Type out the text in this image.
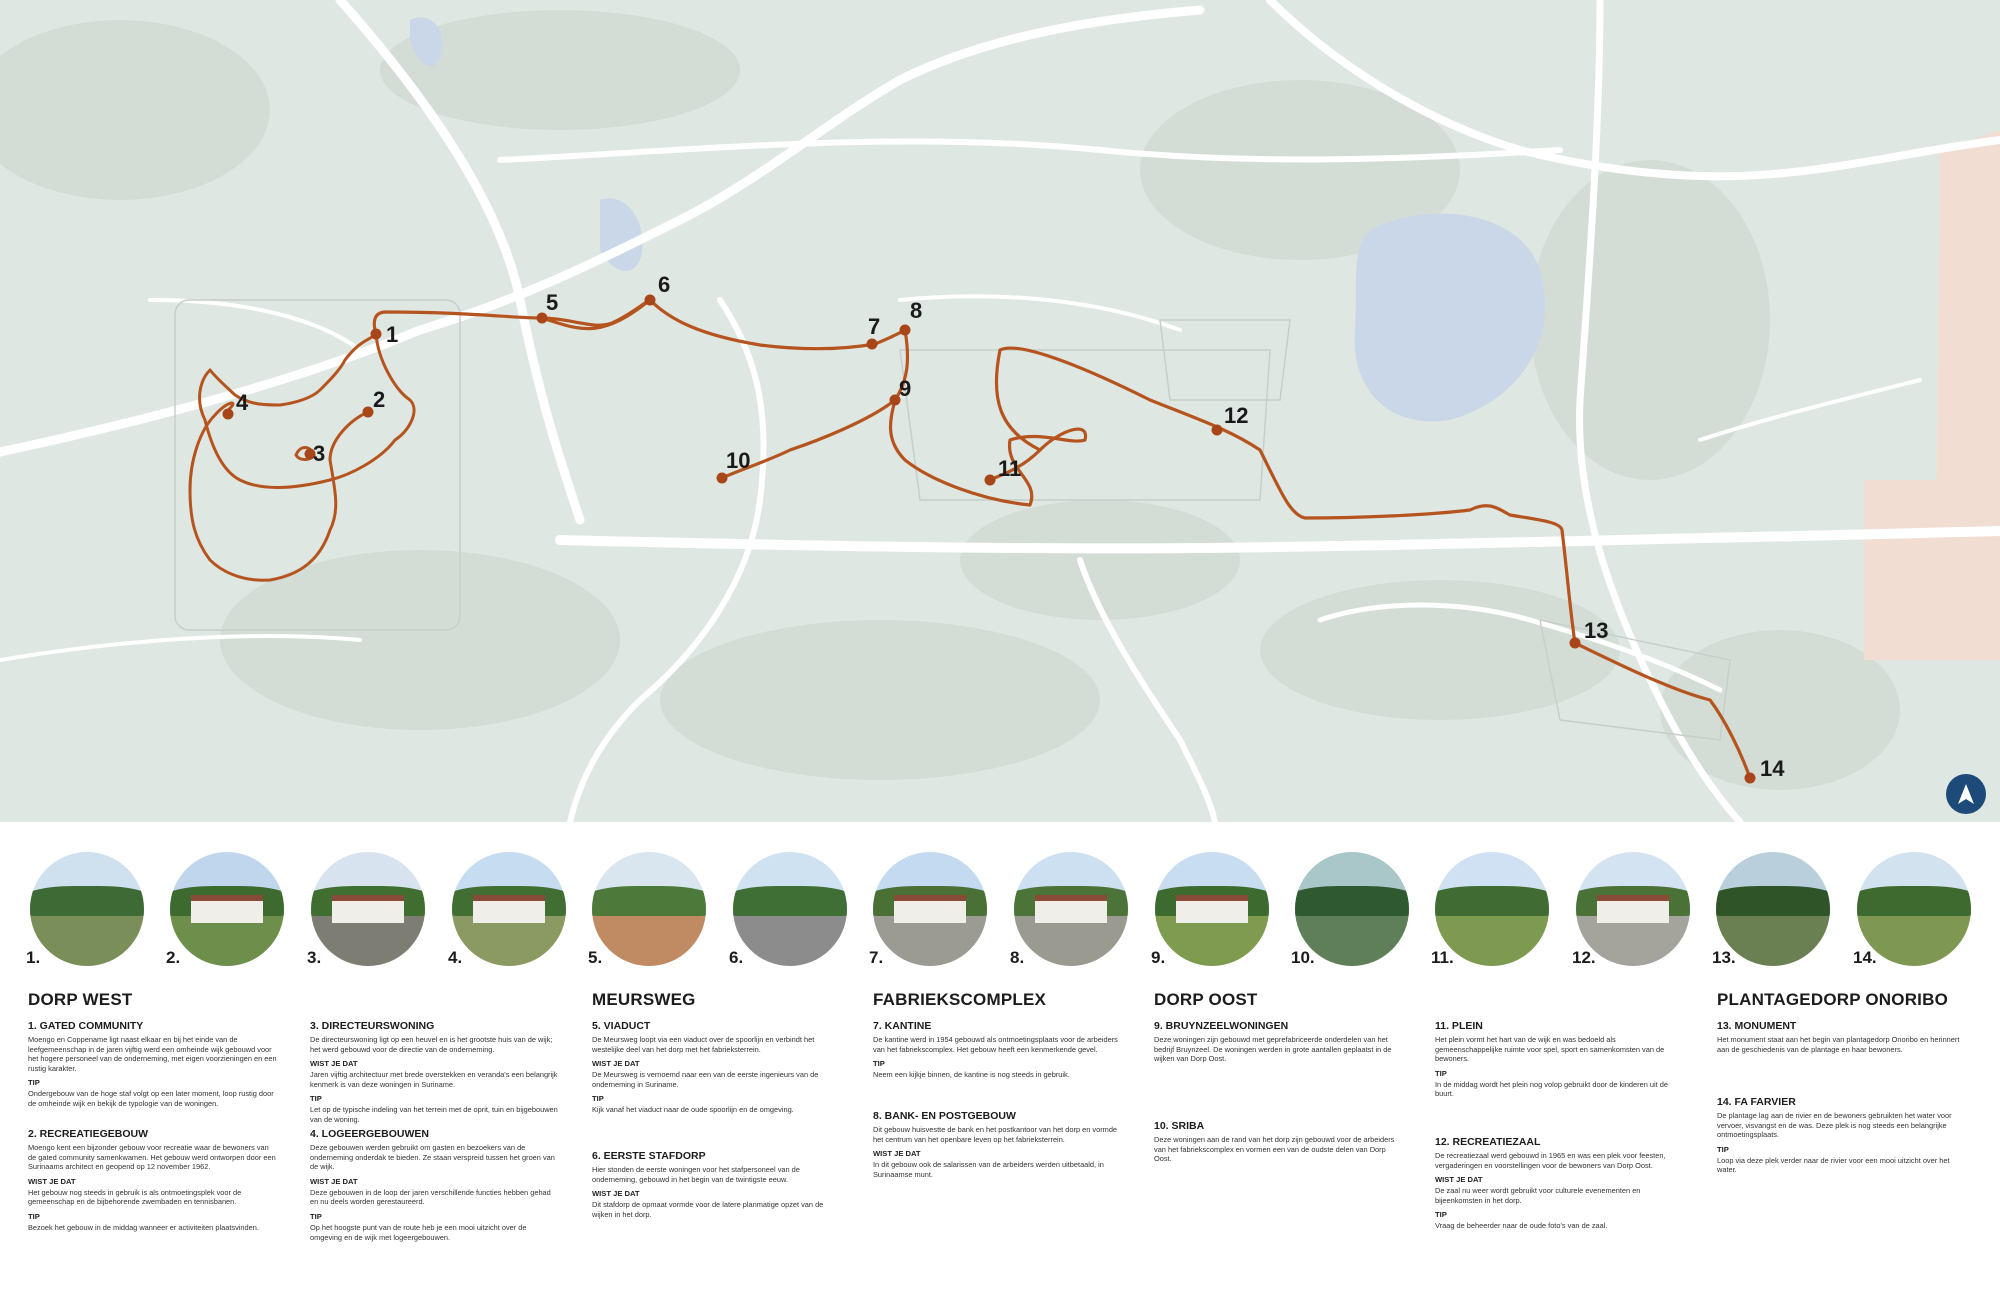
1
2
3
4
5
6
7
8
9
10	11
12
13
14
1.	2.	3.	4.	5.	6.	7.	8.	9.	10.	11.	12.	13.	14.
DORP WEST	MEURSWEG	FABRIEKSCOMPLEX	DORP OOST	PLANTAGEDORP ONORIBO
1. GATED COMMUNITY

Moengo en Coppename ligt naast elkaar en bij het einde van de leefgemeenschap in de jaren vijftig werd een omheinde wijk gebouwd voor het hogere personeel van de onderneming, met eigen voorzieningen en een rustig karakter.

TIP

Ondergebouw van de hoge staf volgt op een later moment, loop rustig door de omheinde wijk en bekijk de typologie van de woningen.

2. RECREATIEGEBOUW

Moengo kent een bijzonder gebouw voor recreatie waar de bewoners van de gated community samenkwamen. Het gebouw werd ontworpen door een Surinaams architect en geopend op 12 november 1962.

WIST JE DAT

Het gebouw nog steeds in gebruik is als ontmoetingsplek voor de gemeenschap en de bijbehorende zwembaden en tennisbanen.

TIP

Bezoek het gebouw in de middag wanneer er activiteiten plaatsvinden.

3. DIRECTEURSWONING

De directeurswoning ligt op een heuvel en is het grootste huis van de wijk; het werd gebouwd voor de directie van de onderneming.

WIST JE DAT

Jaren vijftig architectuur met brede overstekken en veranda's een belangrijk kenmerk is van deze woningen in Suriname.

TIP

Let op de typische indeling van het terrein met de oprit, tuin en bijgebouwen van de woning.

4. LOGEERGEBOUWEN

Deze gebouwen werden gebruikt om gasten en bezoekers van de onderneming onderdak te bieden. Ze staan verspreid tussen het groen van de wijk.

WIST JE DAT

Deze gebouwen in de loop der jaren verschillende functies hebben gehad en nu deels worden gerestaureerd.

TIP

Op het hoogste punt van de route heb je een mooi uitzicht over de omgeving en de wijk met logeergebouwen.

5. VIADUCT

De Meursweg loopt via een viaduct over de spoorlijn en verbindt het westelijke deel van het dorp met het fabrieksterrein.

WIST JE DAT

De Meursweg is vernoemd naar een van de eerste ingenieurs van de onderneming in Suriname.

TIP

Kijk vanaf het viaduct naar de oude spoorlijn en de omgeving.

6. EERSTE STAFDORP

Hier stonden de eerste woningen voor het stafpersoneel van de onderneming, gebouwd in het begin van de twintigste eeuw.

WIST JE DAT

Dit stafdorp de opmaat vormde voor de latere planmatige opzet van de wijken in het dorp.

7. KANTINE

De kantine werd in 1954 gebouwd als ontmoetingsplaats voor de arbeiders van het fabriekscomplex. Het gebouw heeft een kenmerkende gevel.

TIP

Neem een kijkje binnen, de kantine is nog steeds in gebruik.

8. BANK- EN POSTGEBOUW

Dit gebouw huisvestte de bank en het postkantoor van het dorp en vormde het centrum van het openbare leven op het fabrieksterrein.

WIST JE DAT

In dit gebouw ook de salarissen van de arbeiders werden uitbetaald, in Surinaamse munt.

9. BRUYNZEELWONINGEN

Deze woningen zijn gebouwd met geprefabriceerde onderdelen van het bedrijf Bruynzeel. De woningen werden in grote aantallen geplaatst in de wijken van Dorp Oost.

10. SRIBA

Deze woningen aan de rand van het dorp zijn gebouwd voor de arbeiders van het fabriekscomplex en vormen een van de oudste delen van Dorp Oost.

11. PLEIN

Het plein vormt het hart van de wijk en was bedoeld als gemeenschappelijke ruimte voor spel, sport en samenkomsten van de bewoners.

TIP

In de middag wordt het plein nog volop gebruikt door de kinderen uit de buurt.

12. RECREATIEZAAL

De recreatiezaal werd gebouwd in 1965 en was een plek voor feesten, vergaderingen en voorstellingen voor de bewoners van Dorp Oost.

WIST JE DAT

De zaal nu weer wordt gebruikt voor culturele evenementen en bijeenkomsten in het dorp.

TIP

Vraag de beheerder naar de oude foto's van de zaal.

13. MONUMENT

Het monument staat aan het begin van plantagedorp Onoribo en herinnert aan de geschiedenis van de plantage en haar bewoners.

14. FA FARVIER

De plantage lag aan de rivier en de bewoners gebruikten het water voor vervoer, visvangst en de was. Deze plek is nog steeds een belangrijke ontmoetingsplaats.

TIP

Loop via deze plek verder naar de rivier voor een mooi uitzicht over het water.
